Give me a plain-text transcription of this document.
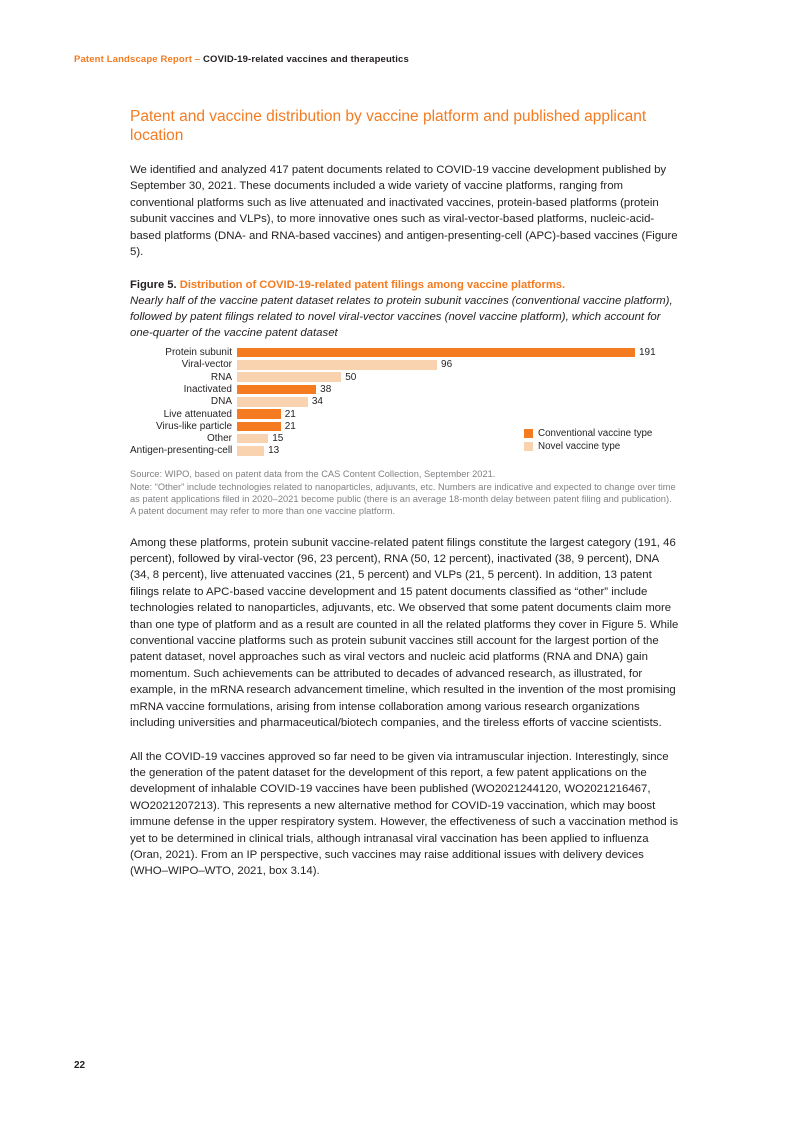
Patent Landscape Report – COVID-19-related vaccines and therapeutics
Patent and vaccine distribution by vaccine platform and published applicant location

We identified and analyzed 417 patent documents related to COVID-19 vaccine development published by September 30, 2021. These documents included a wide variety of vaccine platforms, ranging from conventional platforms such as live attenuated and inactivated vaccines, protein-based platforms (protein subunit vaccines and VLPs), to more innovative ones such as viral-vector-based platforms, nucleic-acid-based platforms (DNA- and RNA-based vaccines) and antigen-presenting-cell (APC)-based vaccines (Figure 5).

Figure 5. Distribution of COVID-19-related patent filings among vaccine platforms.

Nearly half of the vaccine patent dataset relates to protein subunit vaccines (conventional vaccine platform), followed by patent filings related to novel viral-vector vaccines (novel vaccine platform), which account for one-quarter of the vaccine patent dataset

Protein subunit	191
Viral-vector	96
RNA	50
Inactivated	38
DNA	34
Live attenuated	21
Virus-like particle	21
Other	15
Antigen-presenting-cell	13
Conventional vaccine type
Novel vaccine type

Source: WIPO, based on patent data from the CAS Content Collection, September 2021.

Note: “Other” include technologies related to nanoparticles, adjuvants, etc. Numbers are indicative and expected to change over time as patent applications filed in 2020–2021 become public (there is an average 18-month delay between patent filing and publication). A patent document may refer to more than one vaccine platform.

Among these platforms, protein subunit vaccine-related patent filings constitute the largest category (191, 46 percent), followed by viral-vector (96, 23 percent), RNA (50, 12 percent), inactivated (38, 9 percent), DNA (34, 8 percent), live attenuated vaccines (21, 5 percent) and VLPs (21, 5 percent). In addition, 13 patent filings relate to APC-based vaccine development and 15 patent documents classified as “other” include technologies related to nanoparticles, adjuvants, etc. We observed that some patent documents claim more than one type of platform and as a result are counted in all the related platforms they cover in Figure 5. While conventional vaccine platforms such as protein subunit vaccines still account for the largest portion of the patent dataset, novel approaches such as viral vectors and nucleic acid platforms (RNA and DNA) gain momentum. Such achievements can be attributed to decades of advanced research, as illustrated, for example, in the mRNA research advancement timeline, which resulted in the invention of the most promising mRNA vaccine formulations, arising from intense collaboration among various research organizations including universities and pharmaceutical/biotech companies, and the tireless efforts of vaccine scientists.

All the COVID-19 vaccines approved so far need to be given via intramuscular injection. Interestingly, since the generation of the patent dataset for the development of this report, a few patent applications on the development of inhalable COVID-19 vaccines have been published (WO2021244120, WO2021216467, WO2021207213). This represents a new alternative method for COVID-19 vaccination, which may boost immune defense in the upper respiratory system. However, the effectiveness of such a vaccination method is yet to be determined in clinical trials, although intranasal viral vaccination has been applied to influenza (Oran, 2021). From an IP perspective, such vaccines may raise additional issues with delivery devices (WHO–WIPO–WTO, 2021, box 3.14).

22
